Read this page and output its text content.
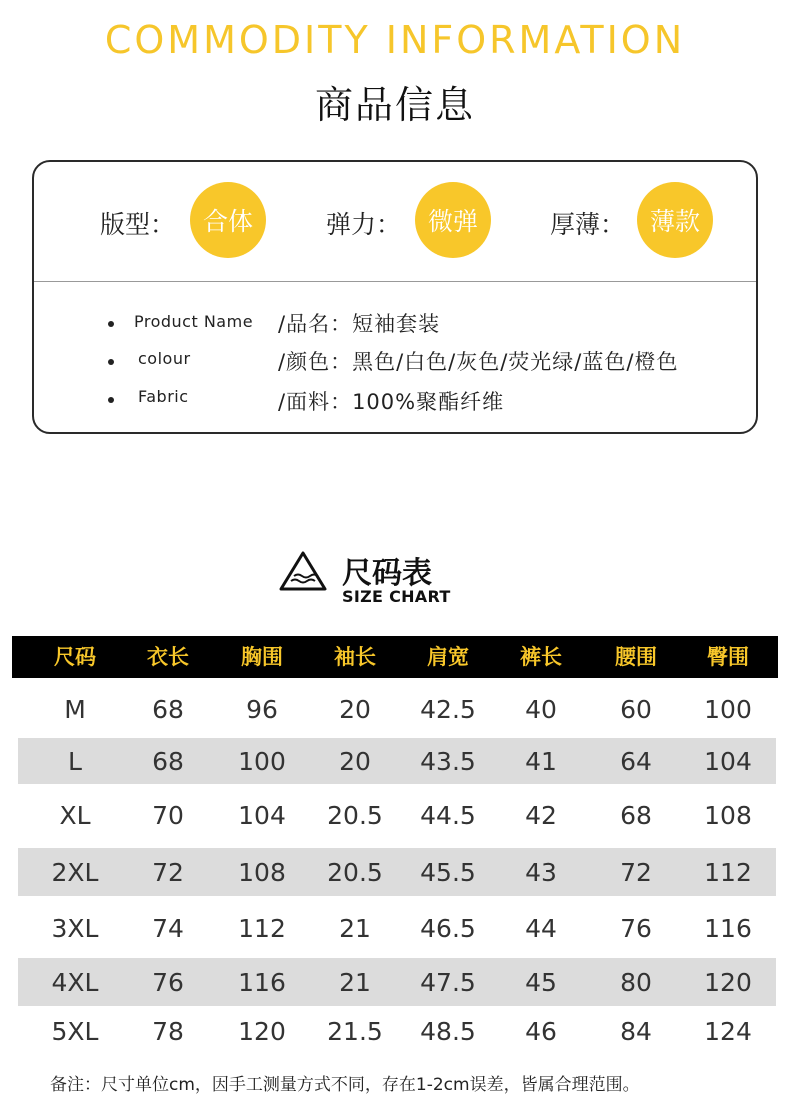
COMMODITY INFORMATION
商品信息
版型：	合体	弹力：	微弹	厚薄： 薄款
Product Name /品名：短袖套装
colour	/颜色：黑色/白色/灰色/荧光绿/蓝色/橙色
Fabric	/面料：100%聚酯纤维
尺码表
SIZE CHART
尺码	衣长	胸围	袖长	肩宽	裤长	腰围	臀围
M	68	96	20	42.5	40	60	100
L	68	100	20	43.5	41	64	104
XL	70	104	20.5	44.5	42	68	108
2XL	72	108	20.5	45.5	43	72	112
3XL	74	112	21	46.5	44	76	116
4XL	76	116	21	47.5	45	80	120
5XL	78	120	21.5	48.5	46	84	124
备注：尺寸单位cm，因手工测量方式不同，存在1-2cm误差，皆属合理范围。
